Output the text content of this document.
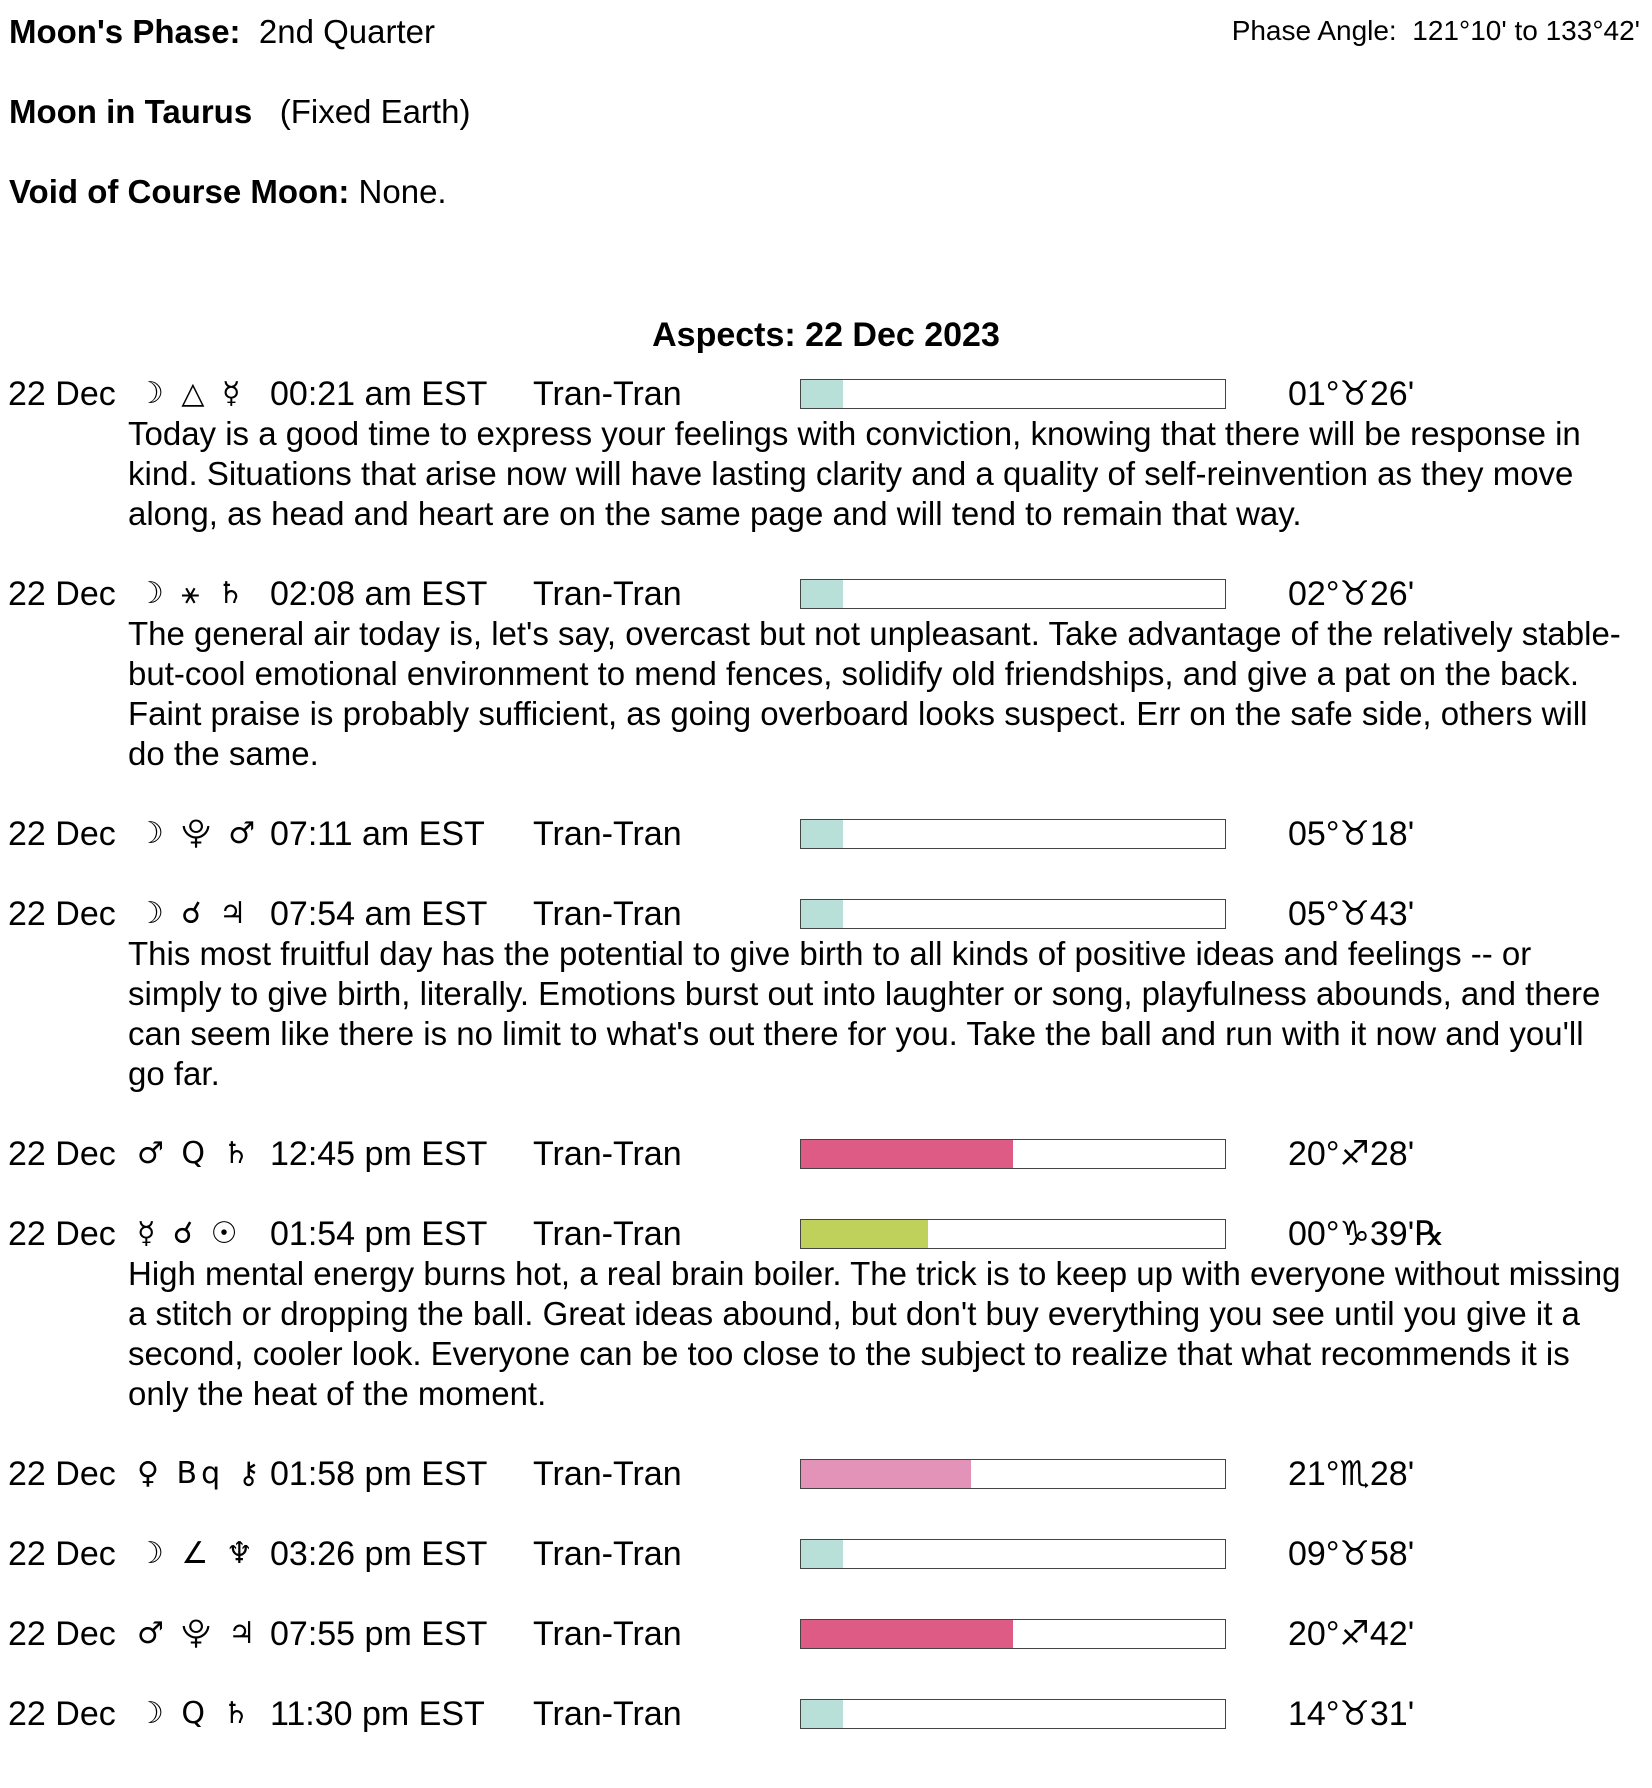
Moon's Phase: 2nd Quarter	Phase Angle: 121°10' to 133°42'
Moon in Taurus (Fixed Earth)
Void of Course Moon: None.
Aspects: 22 Dec 2023
22 Dec ☽ △ ☿ 00:21 am EST Tran-Tran	01°♉26'
Today is a good time to express your feelings with conviction, knowing that there will be response in kind. Situations that arise now will have lasting clarity and a quality of self-reinvention as they move along, as head and heart are on the same page and will tend to remain that way.
22 Dec ☽ ⚹ ♄ 02:08 am EST Tran-Tran	02°♉26'
The general air today is, let's say, overcast but not unpleasant. Take advantage of the relatively stable-but-cool emotional environment to mend fences, solidify old friendships, and give a pat on the back. Faint praise is probably sufficient, as going overboard looks suspect. Err on the safe side, others will do the same.
22 Dec ☽ ⯓ ♂ 07:11 am EST Tran-Tran	05°♉18'
22 Dec ☽ ☌ ♃ 07:54 am EST Tran-Tran	05°♉43'
This most fruitful day has the potential to give birth to all kinds of positive ideas and feelings -- or simply to give birth, literally. Emotions burst out into laughter or song, playfulness abounds, and there can seem like there is no limit to what's out there for you. Take the ball and run with it now and you'll go far.
22 Dec ♂ Q ♄ 12:45 pm EST Tran-Tran	20°♐28'
22 Dec ☿ ☌ ☉ 01:54 pm EST Tran-Tran	00°♑39'℞
High mental energy burns hot, a real brain boiler. The trick is to keep up with everyone without missing a stitch or dropping the ball. Great ideas abound, but don't buy everything you see until you give it a second, cooler look. Everyone can be too close to the subject to realize that what recommends it is only the heat of the moment.
22 Dec ♀ Bq ⚷ 01:58 pm EST Tran-Tran	21°♏28'
22 Dec ☽ ∠ ♆ 03:26 pm EST Tran-Tran	09°♉58'
22 Dec ♂ ⯓ ♃ 07:55 pm EST Tran-Tran	20°♐42'
22 Dec ☽ Q ♄ 11:30 pm EST Tran-Tran	14°♉31'
